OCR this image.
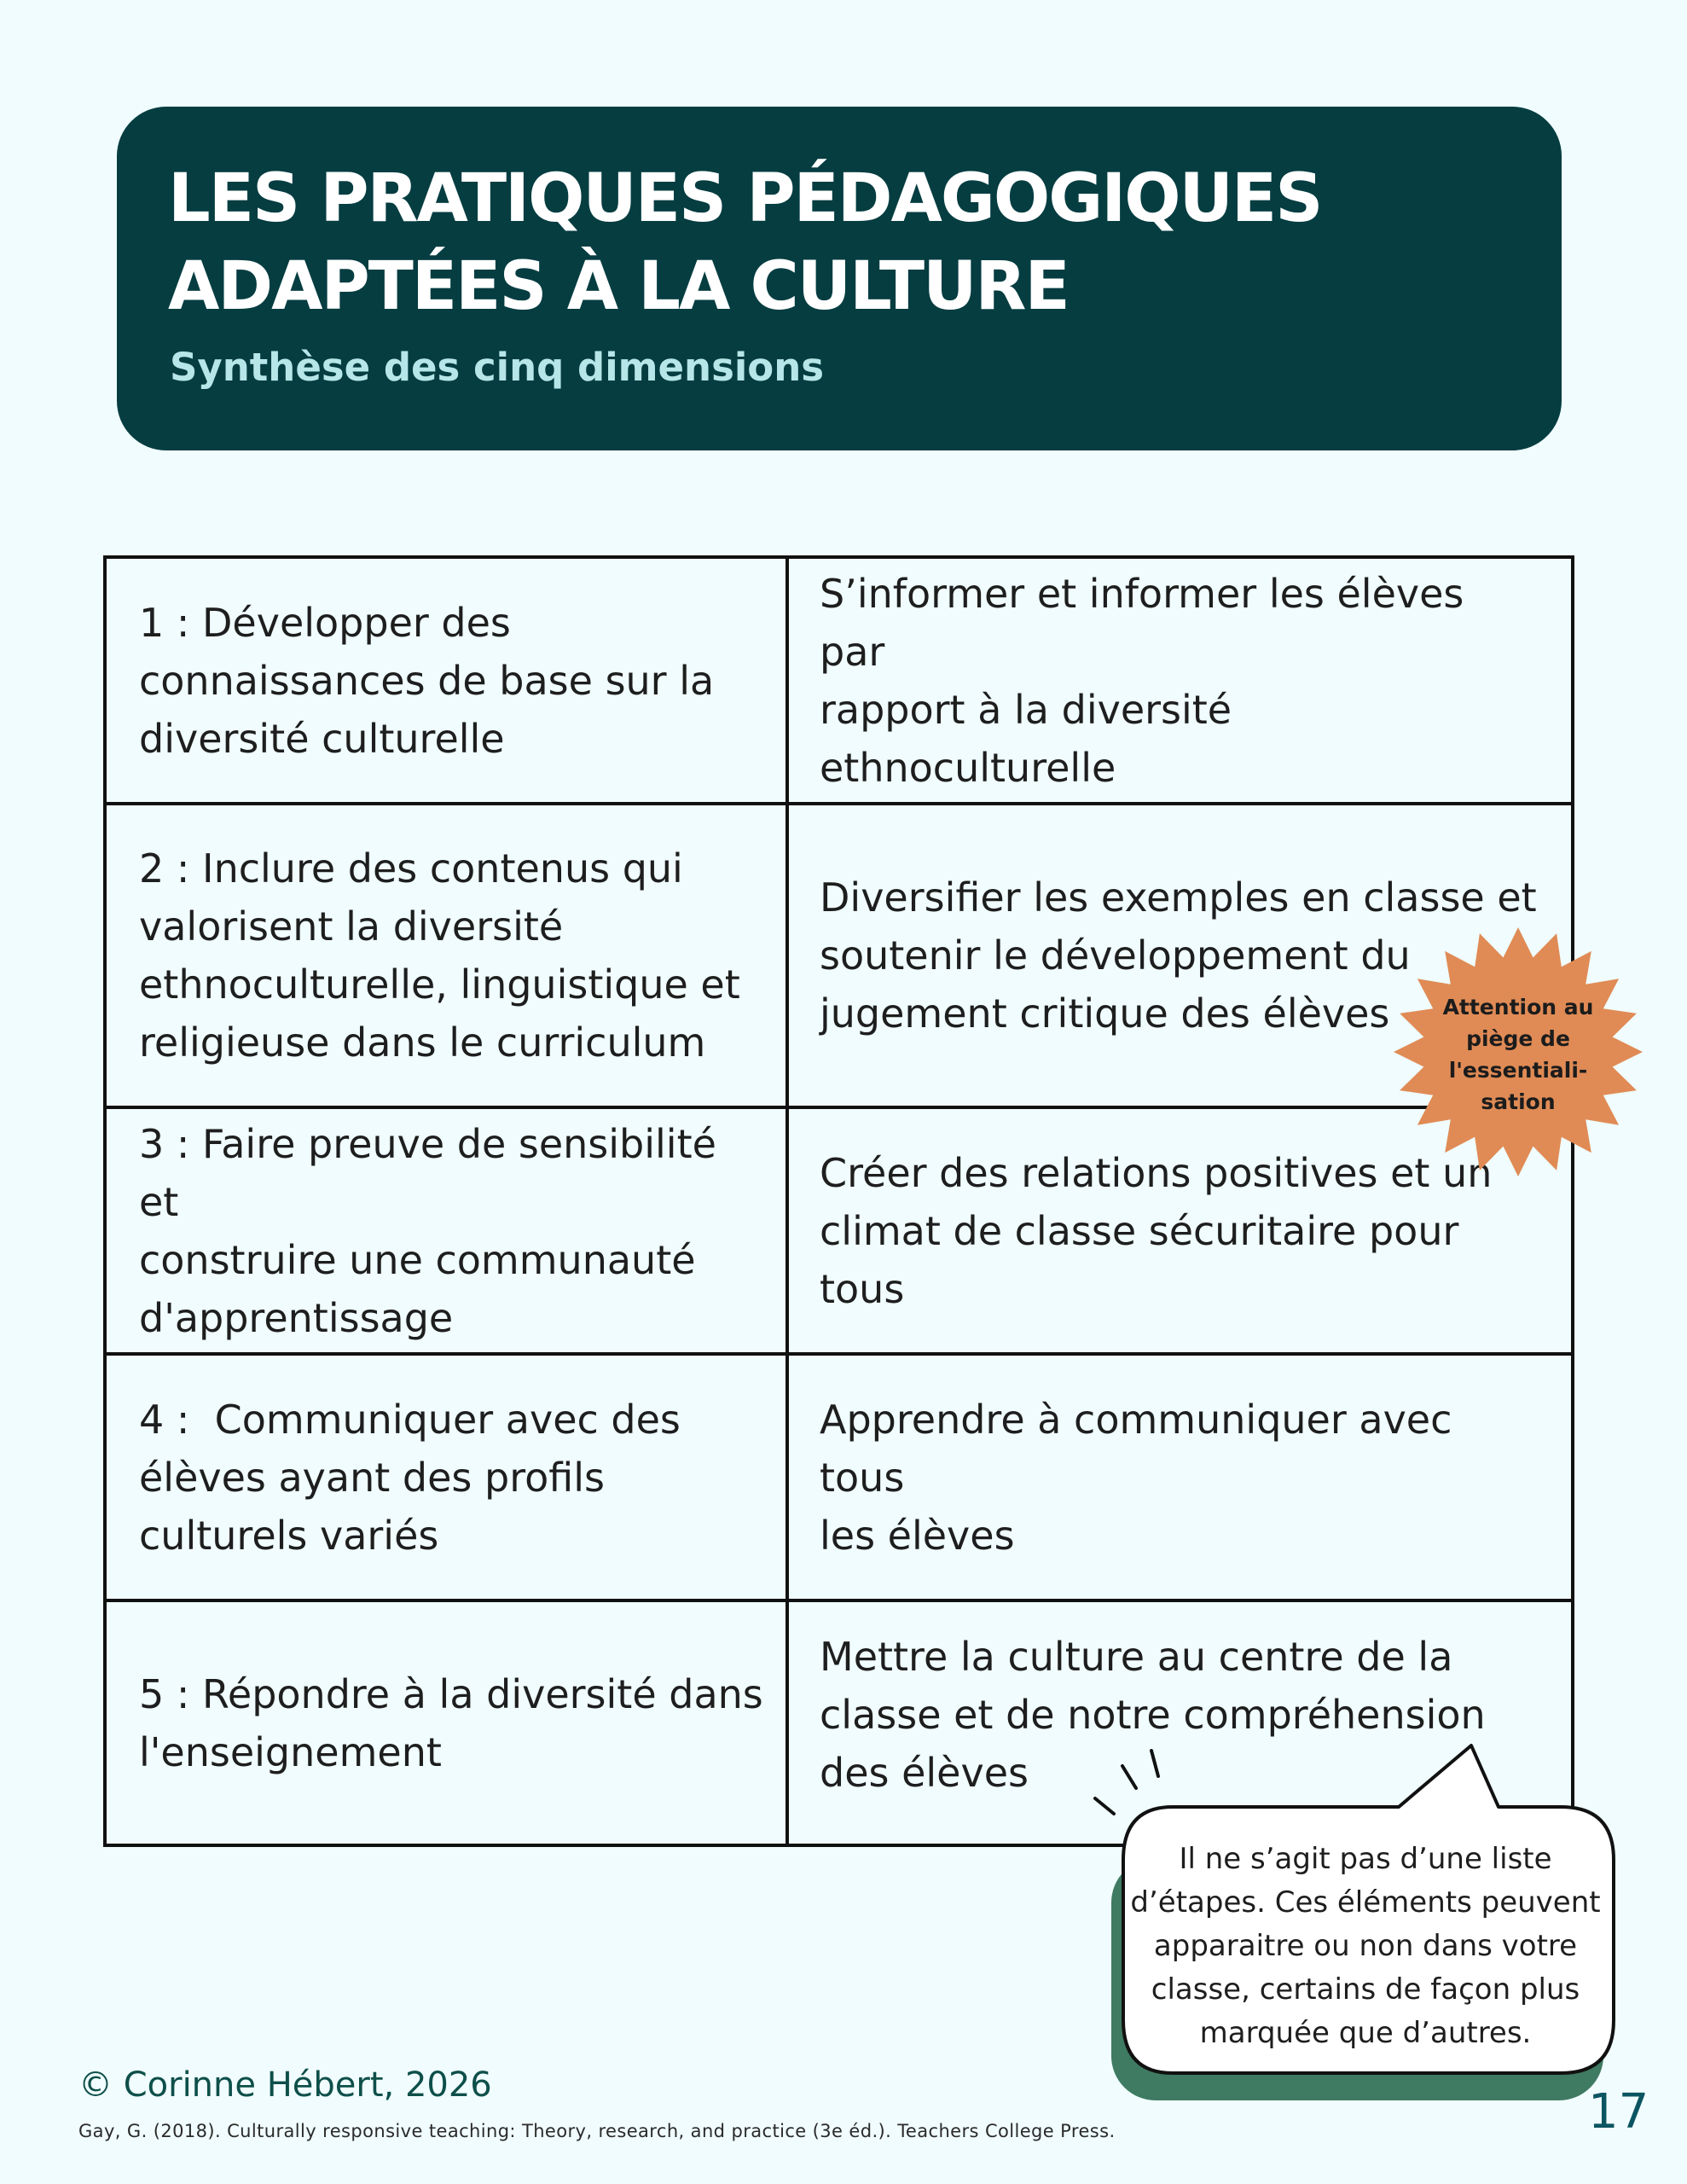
LES PRATIQUES PÉDAGOGIQUES
ADAPTÉES À LA CULTURE

Synthèse des cinq dimensions

1 : Développer des
connaissances de base sur la
diversité culturelle
S’informer et informer les élèves par
rapport à la diversité ethnoculturelle
2 : Inclure des contenus qui
valorisent la diversité
ethnoculturelle, linguistique et
religieuse dans le curriculum
Diversifier les exemples en classe et
soutenir le développement du
jugement critique des élèves
3 : Faire preuve de sensibilité et
construire une communauté
d'apprentissage
Créer des relations positives et un
climat de classe sécuritaire pour tous
4 :  Communiquer avec des
élèves ayant des profils
culturels variés
Apprendre à communiquer avec tous
les élèves
5 : Répondre à la diversité dans
l'enseignement
Mettre la culture au centre de la
classe et de notre compréhension
des élèves
Attention au
piège de
l'essentiali-
sation
Il ne s’agit pas d’une liste
d’étapes. Ces éléments peuvent
apparaitre ou non dans votre
classe, certains de façon plus
marquée que d’autres.

© Corinne Hébert, 2026

Gay, G. (2018). Culturally responsive teaching: Theory, research, and practice (3e éd.). Teachers College Press.	17
